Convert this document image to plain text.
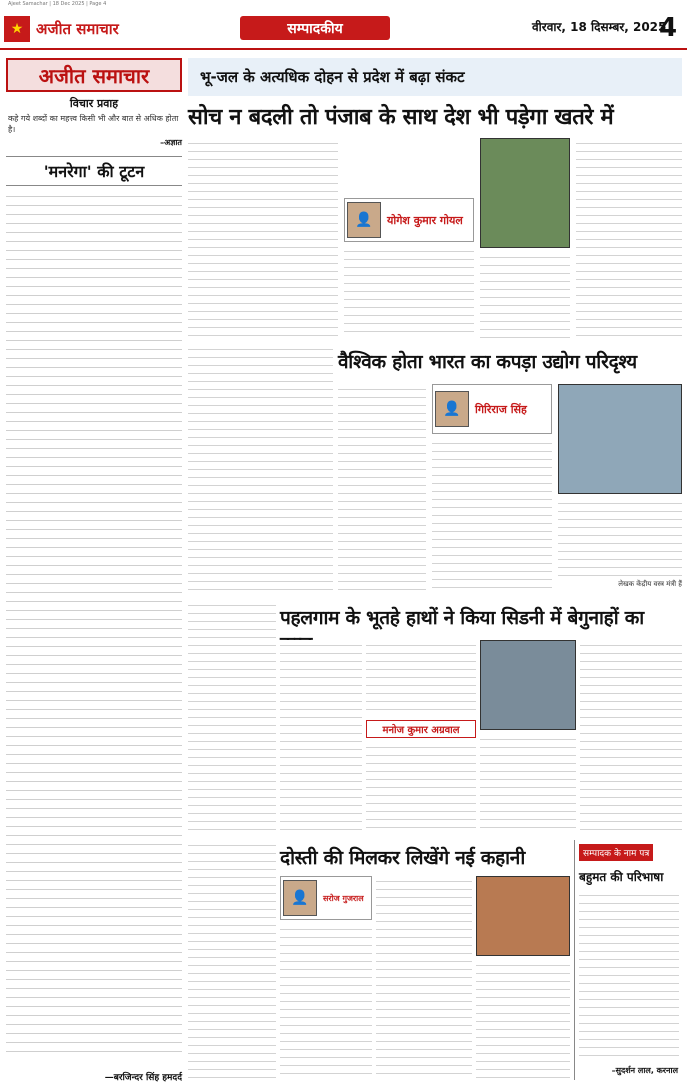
Ajeet Samachar | 18 Dec 2025 | Page 4
★ अजीत समाचार	सम्पादकीय	वीरवार, 18 दिसम्बर, 2025
4
अजीत समाचार
विचार प्रवाह
कहे गये शब्दों का महत्त्व किसी भी और बात से अधिक होता है।
–अज्ञात
'मनरेगा' की टूटन
—बरजिन्दर सिंह हमदर्द
भू-जल के अत्यधिक दोहन से प्रदेश में बढ़ा संकट
सोच न बदली तो पंजाब के साथ देश भी पड़ेगा खतरे में
👤	योगेश कुमार गोयल
वैश्विक होता भारत का कपड़ा उद्योग परिदृश्य
👤	गिरिराज सिंह
लेखक केंद्रीय वस्त्र मंत्री हैं
पहलगाम के भूतहे हाथों ने किया सिडनी में बेगुनाहों का
मनोज कुमार अग्रवाल
दोस्ती की मिलकर लिखेंगे नई कहानी
👤	सरोज गुजराल
सम्पादक के नाम पत्र
बहुमत की परिभाषा
–सुदर्शन लाल, करनाल
